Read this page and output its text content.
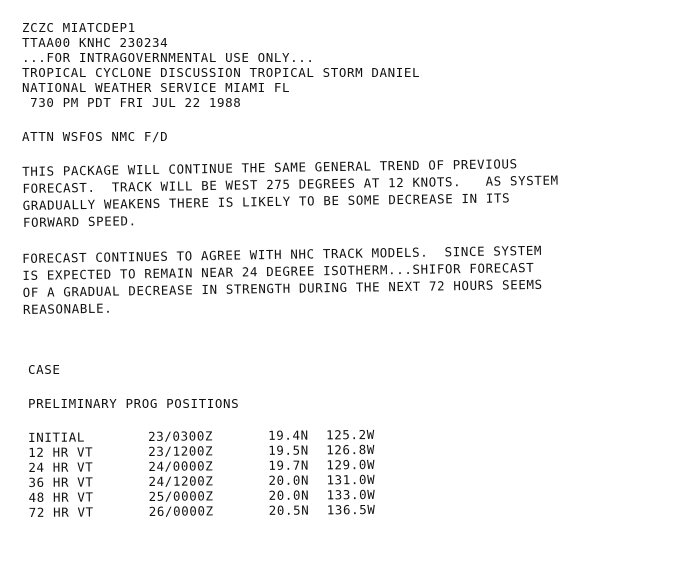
ZCZC MIATCDEP1
TTAA00 KNHC 230234
...FOR INTRAGOVERNMENTAL USE ONLY...
TROPICAL CYCLONE DISCUSSION TROPICAL STORM DANIEL
NATIONAL WEATHER SERVICE MIAMI FL
730 PM PDT FRI JUL 22 1988
ATTN WSFOS NMC F/D
THIS PACKAGE WILL CONTINUE THE SAME GENERAL TREND OF PREVIOUS
FORECAST.  TRACK WILL BE WEST 275 DEGREES AT 12 KNOTS.   AS SYSTEM
GRADUALLY WEAKENS THERE IS LIKELY TO BE SOME DECREASE IN ITS
FORWARD SPEED.
FORECAST CONTINUES TO AGREE WITH NHC TRACK MODELS.  SINCE SYSTEM
IS EXPECTED TO REMAIN NEAR 24 DEGREE ISOTHERM...SHIFOR FORECAST
OF A GRADUAL DECREASE IN STRENGTH DURING THE NEXT 72 HOURS SEEMS
REASONABLE.
CASE
PRELIMINARY PROG POSITIONS
INITIAL	23/0300Z	19.4N	125.2W
12 HR VT	23/1200Z	19.5N	126.8W
24 HR VT	24/0000Z	19.7N	129.0W
36 HR VT	24/1200Z	20.0N	131.0W
48 HR VT	25/0000Z	20.0N	133.0W
72 HR VT	26/0000Z	20.5N	136.5W
